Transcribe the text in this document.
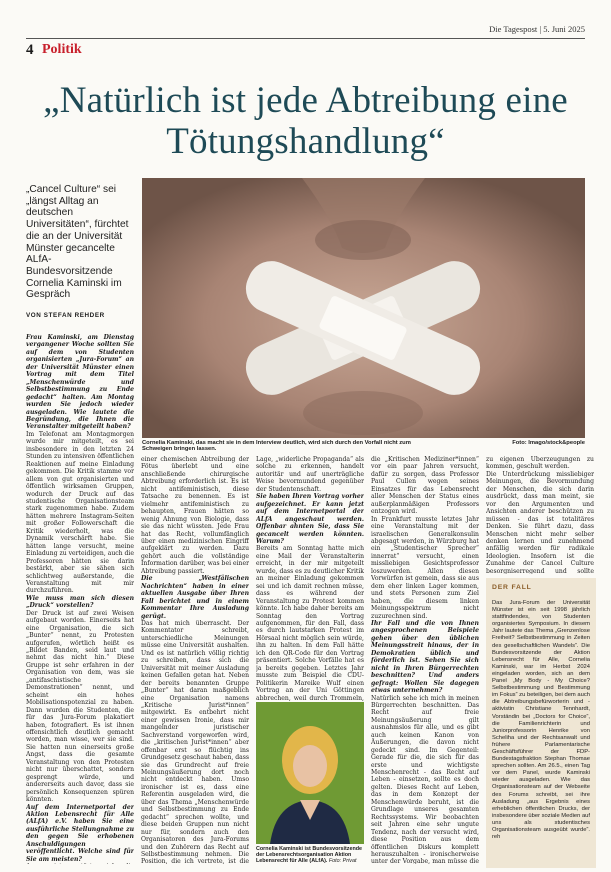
Die Tagespost | 5. Juni 2025
4 Politik
„Natürlich ist jede Abtreibung eine Tötungshandlung“
„Cancel Culture“ sei „längst Alltag an deutschen Universitäten“, fürchtet die an der Universität Münster gecancelte ALfA-Bundesvorsitzende Cornelia Kaminski im Gespräch
VON STEFAN REHDER
Cornelia Kaminski, das macht sie in dem Interview deutlich, wird sich durch den Vorfall nicht zum Schweigen bringen lassen.
Foto: Imago/stock&people

Frau Kaminski, am Dienstag vergangener Woche sollten Sie auf dem von Studenten organisierten „Jura-Forum“ an der Universität Münster einen Vortrag mit dem Titel „Menschenwürde und Selbstbestimmung zu Ende gedacht“ halten. Am Montag wurden Sie jedoch wieder ausgeladen. Wie lautete die Begründung, die Ihnen die Veranstalter mitgeteilt haben?

Im Telefonat am Montagmorgen wurde mir mitgeteilt, es sei insbesondere in den letzten 24 Stunden zu intensiven öffentlichen Reaktionen auf meine Einladung gekommen. Die Kritik stamme vor allem von gut organisierten und öffentlich wirksamen Gruppen, wodurch der Druck auf das studentische Organisationsteam stark zugenommen habe. Zudem hätten mehrere Instagram-Seiten mit großer Followerschaft die Kritik wiederholt, was die Dynamik verschärft habe. Sie hätten lange versucht, meine Einladung zu verteidigen, auch die Professoren hätten sie darin bestärkt, aber sie sähen sich schlichtweg außerstande, die Veranstaltung mit mir durchzuführen.

Wie muss man sich diesen „Druck“ vorstellen?

Der Druck ist auf zwei Weisen aufgebaut worden. Einerseits hat eine Organisation, die sich „Bunter“ nennt, zu Protesten aufgerufen, wörtlich heißt es „Bildet Banden, seid laut und nehmt das nicht hin.“ Diese Gruppe ist sehr erfahren in der Organisation von dem, was sie „antifaschistische Demonstrationen“ nennt, und scheint ein hohes Mobilisationspotenzial zu haben. Dann wurden die Studenten, die für das Jura-Forum plakatiert haben, fotografiert. Es ist ihnen offensichtlich deutlich gemacht worden, man wisse, wer sie sind. Sie hatten nun einerseits große Angst, dass die gesamte Veranstaltung von den Protesten nicht nur überschattet, sondern gesprengt würde, und andererseits auch davor, dass sie persönlich Konsequenzen spüren könnten.

Auf dem Internetportal der Aktion Lebensrecht für Alle (ALfA) e.V. haben Sie eine ausführliche Stellungnahme zu den gegen Sie erhobenen Anschuldigungen veröffentlicht. Welche sind für Sie am meisten?

einer chemischen Abtreibung der Fötus überlebt und eine anschließende chirurgische Abtreibung erforderlich ist. Es ist nicht antifeministisch, diese Tatsache zu benennen. Es ist vielmehr antifeministisch zu behaupten, Frauen hätten so wenig Ahnung von Biologie, dass sie das nicht wüssten. Jede Frau hat das Recht, vollumfänglich über einen medizinischen Eingriff aufgeklärt zu werden. Dazu gehört auch die vollständige Information darüber, was bei einer Abtreibung passiert.

Die „Westfälischen Nachrichten“ haben in einer aktuellen Ausgabe über Ihren Fall berichtet und in einem Kommentar Ihre Ausladung gerügt.

Das hat mich überrascht. Der Kommentator schreibt, unterschiedliche Meinungen müsse eine Universität aushalten. Und es ist natürlich völlig richtig zu schreiben, dass sich die Universität mit meiner Ausladung keinen Gefallen getan hat. Neben der bereits benannten Gruppe „Bunter“ hat daran maßgeblich eine Organisation namens „Kritische Jurist*innen“ mitgewirkt. Es entbehrt nicht einer gewissen Ironie, dass mir mangelnder juristischer Sachverstand vorgeworfen wird, die „kritischen Jurist*innen“ aber offenbar erst so flüchtig ins Grundgesetz geschaut haben, dass sie das Grundrecht auf freie Meinungsäußerung dort noch nicht entdeckt haben. Umso ironischer ist es, dass eine Referentin ausgeladen wird, die über das Thema „Menschenwürde und Selbstbestimmung zu Ende gedacht“ sprechen wollte, und diese beiden Gruppen nun nicht nur für, sondern auch den Organisatoren des Jura-Forums und den Zuhörern das Recht auf Selbstbestimmung nehmen. Die Position, die ich vertrete, ist die

Lage, „widerliche Propaganda“ als solche zu erkennen, handelt autoritär und auf unerträgliche Weise bevormundend gegenüber der Studentenschaft.

Sie haben Ihren Vortrag vorher aufgezeichnet. Er kann jetzt auf dem Internetportal der ALfA angeschaut werden. Offenbar ahnten Sie, dass Sie gecancelt werden könnten. Warum?

Bereits am Sonntag hatte mich eine Mail der Veranstalterin erreicht, in der mir mitgeteilt wurde, dass es zu deutlicher Kritik an meiner Einladung gekommen sei und ich damit rechnen müsse, dass es während der Veranstaltung zu Protest kommen könnte. Ich habe daher bereits am Sonntag den Vortrag aufgenommen, für den Fall, dass es durch lautstarken Protest im Hörsaal nicht möglich sein würde, ihn zu halten. In dem Fall hätte ich den QR-Code für den Vortrag präsentiert. Solche Vorfälle hat es ja bereits gegeben. Letztes Jahr musste zum Beispiel die CDU-Politikerin Mareike Wulf einen Vortrag an der Uni Göttingen abbrechen, weil durch Trommeln,

die „Kritischen Mediziner*innen“ vor ein paar Jahren versucht, dafür zu sorgen, dass Professor Paul Cullen wegen seines Einsatzes für das Lebensrecht aller Menschen der Status eines außerplanmäßigen Professors entzogen wird.

In Frankfurt musste letztes Jahr eine Veranstaltung mit der israelischen Generalkonsulin abgesagt werden, in Würzburg hat ein „Studentischer Sprecher“ innerrat“ versucht, einen missliebigen Gesichtsprofessor loszuwerden. Allen diesen Vorwürfen ist gemein, dass sie aus dem eher linken Lager kommen, und stets Personen zum Ziel haben, die diesem linken Meinungsspektrum nicht zuzurechnen sind.

Ihr Fall und die von Ihnen angesprochenen Beispiele gehen über den üblichen Meinungsstreit hinaus, der in Demokratien üblich und förderlich ist. Sehen Sie sich nicht in Ihren Bürgerrechten beschnitten? Und anders gefragt: Wollen Sie dagegen etwas unternehmen?

Natürlich sehe ich mich in meinen Bürgerrechten beschnitten. Das Recht auf freie Meinungsäußerung gilt ausnahmslos für alle, und es gibt auch keinen Kanon von Äußerungen, die davon nicht gedeckt sind. Im Gegenteil: Gerade für die, die sich für das erste und wichtigste Menschenrecht - das Recht auf Leben - einsetzen, sollte es doch gelten. Dieses Recht auf Leben, das in dem Konzept der Menschenwürde beruht, ist die Grundlage unseres gesamten Rechtssystems. Wir beobachten seit Jahren eine sehr ungute Tendenz, nach der versucht wird, diese Position aus dem öffentlichen Diskurs komplett herauszuhalten - ironischerweise unter der Vorgabe, man müsse die

zu eigenen Überzeugungen zu kommen, geschult werden.

Die Unterdrückung missliebiger Meinungen, die Bevormundung der Menschen, die sich darin ausdrückt, dass man meint, sie vor den Argumenten und Ansichten anderer beschützen zu müssen - das ist totalitäres Denken. Sie führt dazu, dass Menschen nicht mehr selber denken lernen und zunehmend anfällig werden für radikale Ideologien. Insofern ist die Zunahme der Cancel Culture besorgniserregend und sollte

Cornelia Kaminski ist Bundesvorsitzende der Lebensrechtsorganisation Aktion Lebensrecht für Alle (ALfA). Foto: Privat
DER FALL
Das Jura-Forum der Universität Münster ist ein seit 1998 jährlich stattfindendes, von Studenten organisiertes Symposium. In diesem Jahr lautete das Thema „Grenzenlose Freiheit? Selbstbestimmung in Zeiten des gesellschaftlichen Wandels“. Die Bundesvorsitzende der Aktion Lebensrecht für Alle, Cornelia Kaminski, war im Herbst 2024 eingeladen worden, sich an dem Panel „My Body - My Choice? Selbstbestimmung und Bestimmung im Fokus“ zu beteiligen, bei dem auch die Abtreibungsbefürworterin und -aktivistin Christiane Tennhardt, Vorständin bei „Doctors for Choice“, die Familienrichterin und Juniorprofessorin Henrike von Scheliha und der Rechtsanwalt und frühere Parlamentarische Geschäftsführer der FDP-Bundestagsfraktion Stephan Thomae sprechen sollten. Am 26.5., einen Tag vor dem Panel, wurde Kaminski wieder ausgeladen. Wie das Organisationsteam auf der Webseite des Forums schreibt, sei ihre Ausladung „aus Ergebnis eines erheblichen öffentlichen Drucks, der insbesondere über soziale Medien auf uns als studentisches Organisationsteam ausgeübt wurde“. reh
